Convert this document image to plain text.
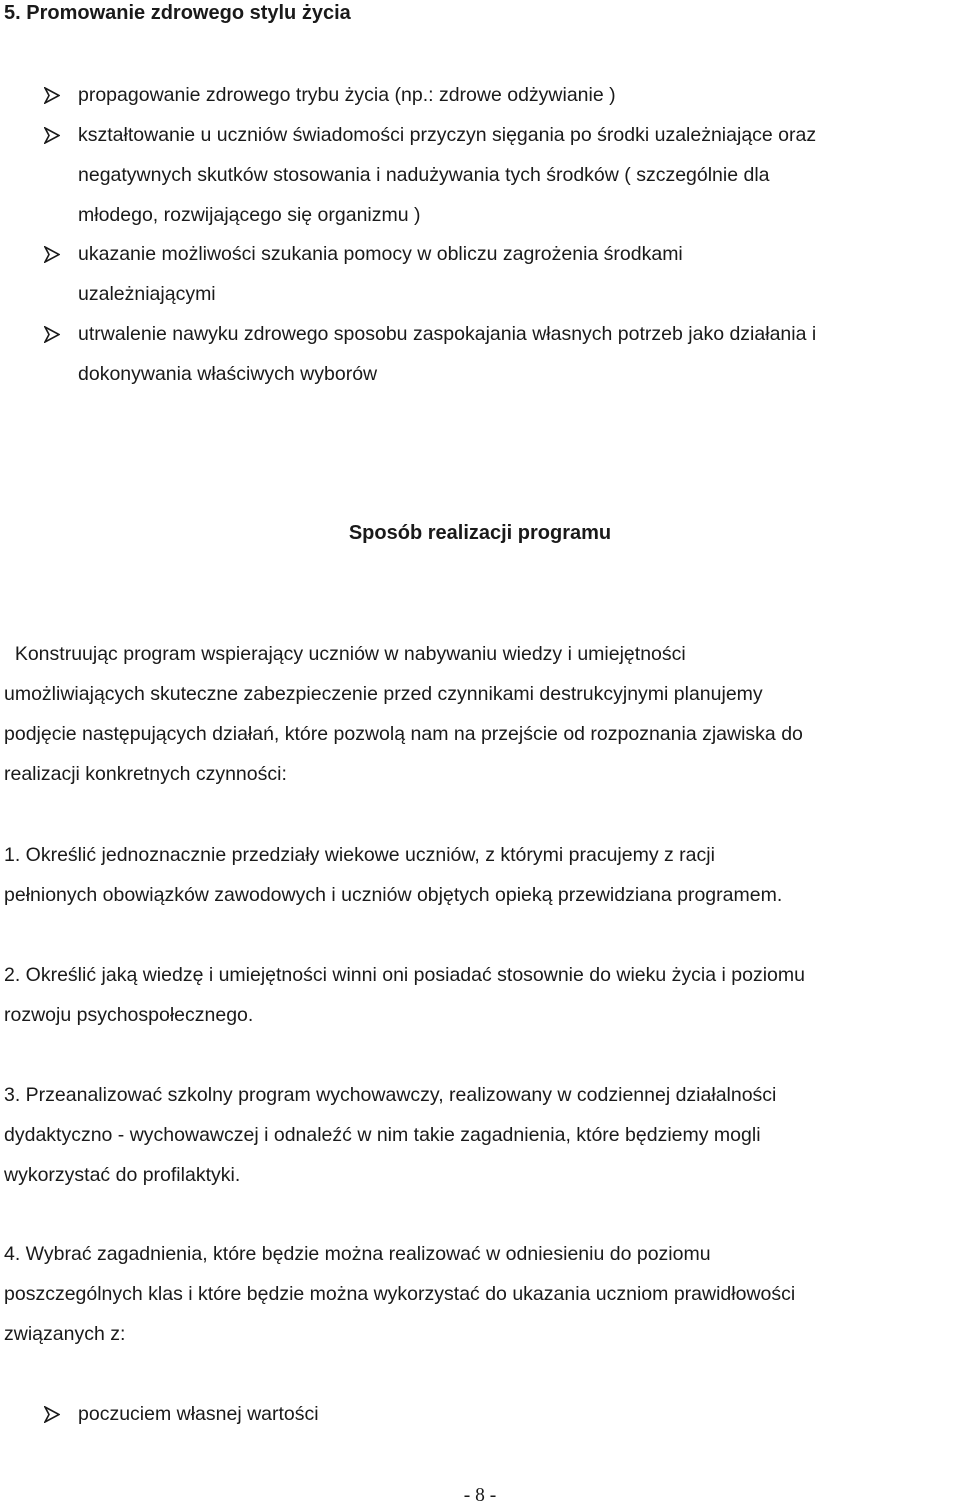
5. Promowanie zdrowego stylu życia
propagowanie zdrowego trybu życia (np.: zdrowe odżywianie )
kształtowanie u uczniów świadomości przyczyn sięgania po środki uzależniające oraz
negatywnych skutków stosowania i nadużywania tych środków ( szczególnie dla
młodego, rozwijającego się organizmu )
ukazanie możliwości szukania pomocy w obliczu zagrożenia środkami
uzależniającymi
utrwalenie nawyku zdrowego sposobu zaspokajania własnych potrzeb jako działania i
dokonywania właściwych wyborów
Sposób realizacji programu
Konstruując program wspierający uczniów w nabywaniu wiedzy i umiejętności
umożliwiających skuteczne zabezpieczenie przed czynnikami destrukcyjnymi planujemy
podjęcie następujących działań, które pozwolą nam na przejście od rozpoznania zjawiska do
realizacji konkretnych czynności:
1. Określić jednoznacznie przedziały wiekowe uczniów, z którymi pracujemy z racji
pełnionych obowiązków zawodowych i uczniów objętych opieką przewidziana programem.
2. Określić jaką wiedzę i umiejętności winni oni posiadać stosownie do wieku życia i poziomu
rozwoju psychospołecznego.
3. Przeanalizować szkolny program wychowawczy, realizowany w codziennej działalności
dydaktyczno - wychowawczej i odnaleźć w nim takie zagadnienia, które będziemy mogli
wykorzystać do profilaktyki.
4. Wybrać zagadnienia, które będzie można realizować w odniesieniu do poziomu
poszczególnych klas i które będzie można wykorzystać do ukazania uczniom prawidłowości
związanych z:
poczuciem własnej wartości
- 8 -
